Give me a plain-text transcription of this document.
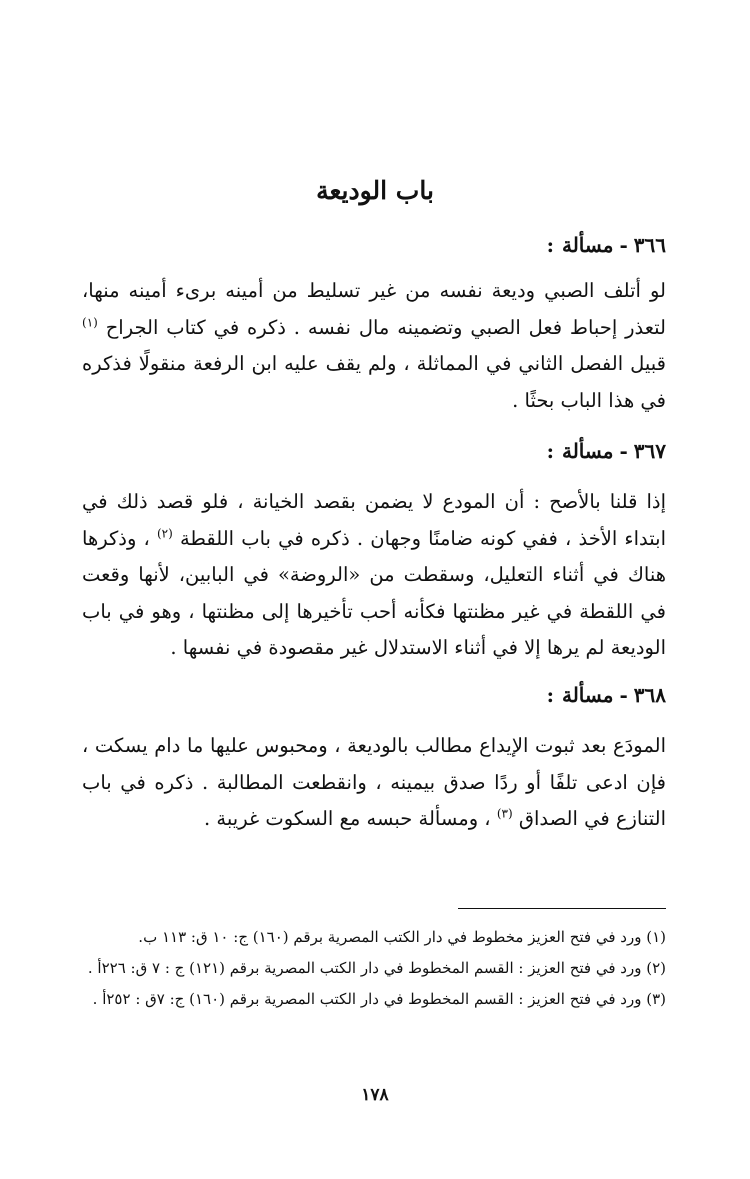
باب الوديعة
٣٦٦-مسألة:

لو أتلف الصبي وديعة نفسه من غير تسليط من أمينه برىء أمينه منها، لتعذر إحباط فعل الصبي وتضمينه مال نفسه . ذكره في كتاب الجراح $^{(١)}$ قبيل الفصل الثاني في المماثلة ، ولم يقف عليه ابن الرفعة منقولًا فذكره في هذا الباب بحثًا .

٣٦٧-مسألة:

إذا قلنا بالأصح : أن المودع لا يضمن بقصد الخيانة ، فلو قصد ذلك في ابتداء الأخذ ، ففي كونه ضامنًا وجهان . ذكره في باب اللقطة $^{(٢)}$ ، وذكرها هناك في أثناء التعليل، وسقطت من «الروضة» في البابين، لأنها وقعت في اللقطة في غير مظنتها فكأنه أحب تأخيرها إلى مظنتها ، وهو في باب الوديعة لم يرها إلا في أثناء الاستدلال غير مقصودة في نفسها .

٣٦٨-مسألة:

المودَع بعد ثبوت الإيداع مطالب بالوديعة ، ومحبوس عليها ما دام يسكت ، فإن ادعى تلفًا أو ردًا صدق بيمينه ، وانقطعت المطالبة . ذكره في باب التنازع في الصداق $^{(٣)}$ ، ومسألة حبسه مع السكوت غريبة .

(١) ورد في فتح العزيز مخطوط في دار الكتب المصرية برقم (١٦٠) ج: ١٠ ق: ١١٣ ب.

(٢) ورد في فتح العزيز : القسم المخطوط في دار الكتب المصرية برقم (١٢١) ج : ٧ ق: ٢٢٦أ .

(٣) ورد في فتح العزيز : القسم المخطوط في دار الكتب المصرية برقم (١٦٠) ج: ٧ق : ٢٥٢أ .

١٧٨
